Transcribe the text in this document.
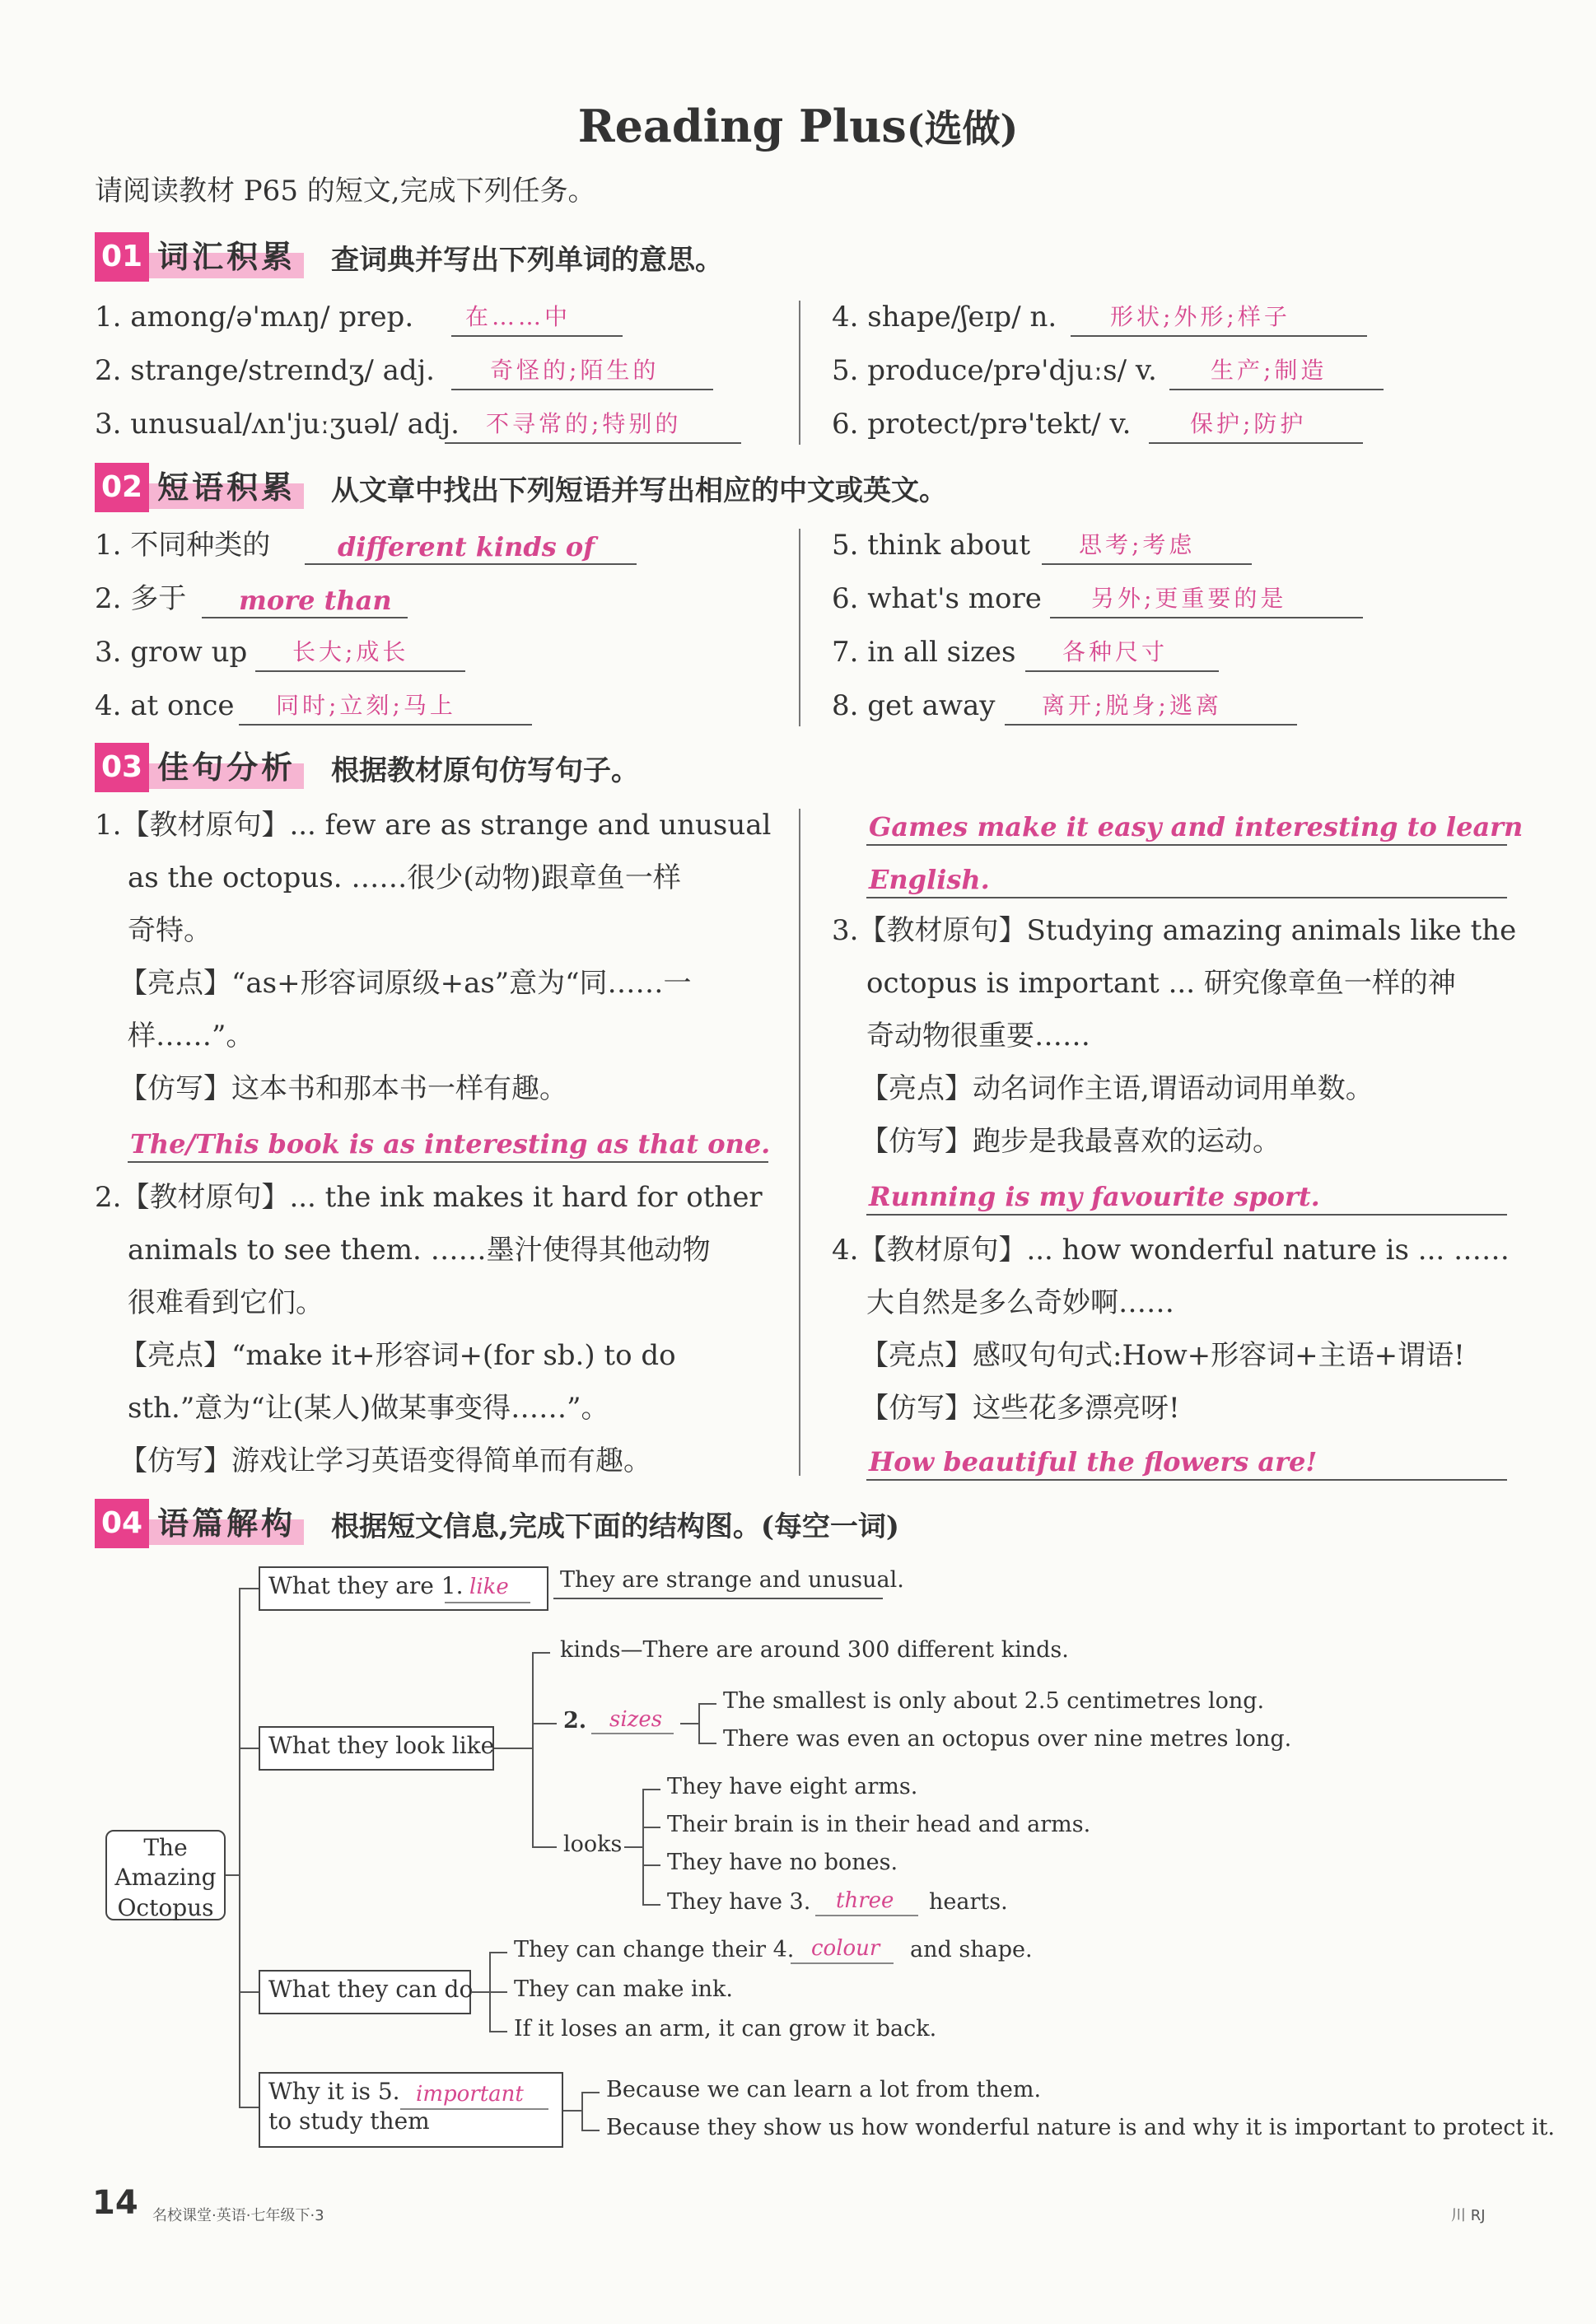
Reading Plus(选做)
请阅读教材 P65 的短文,完成下列任务。
01 词汇积累 查词典并写出下列单词的意思。
1. among/ə'mʌŋ/ prep. 在……中
2. strange/streɪndʒ/ adj. 奇怪的;陌生的
3. unusual/ʌn'juːʒuəl/ adj. 不寻常的;特别的
4. shape/ʃeɪp/ n. 形状;外形;样子
5. produce/prə'djuːs/ v. 生产;制造
6. protect/prə'tekt/ v.	保护;防护
02 短语积累 从文章中找出下列短语并写出相应的中文或英文。
1. 不同种类的	different kinds of
2. 多于 more than
3. grow up 长大;成长
4. at once 同时;立刻;马上
5. think about 思考;考虑
6. what's more 另外;更重要的是
7. in all sizes 各种尺寸
8. get away 离开;脱身;逃离
03 佳句分析 根据教材原句仿写句子。
1.【教材原句】... few are as strange and unusual
as the octopus. ……很少(动物)跟章鱼一样
奇特。
【亮点】“as+形容词原级+as”意为“同……一
样……”。
【仿写】这本书和那本书一样有趣。
The/This book is as interesting as that one.
2.【教材原句】... the ink makes it hard for other
animals to see them. ……墨汁使得其他动物
很难看到它们。
【亮点】“make it+形容词+(for sb.) to do
sth.”意为“让(某人)做某事变得……”。
【仿写】游戏让学习英语变得简单而有趣。
Games make it easy and interesting to learn
English.
3.【教材原句】Studying amazing animals like the
octopus is important ... 研究像章鱼一样的神
奇动物很重要……
【亮点】动名词作主语,谓语动词用单数。
【仿写】跑步是我最喜欢的运动。
Running is my favourite sport.
4.【教材原句】... how wonderful nature is ... ……
大自然是多么奇妙啊……
【亮点】感叹句句式:How+形容词+主语+谓语!
【仿写】这些花多漂亮呀!
How beautiful the flowers are!
04 语篇解构 根据短文信息,完成下面的结构图。(每空一词)
The
Amazing
Octopus
What they are 1. like They are strange and unusual.
What they look like
kinds—There are around 300 different kinds.
2. sizes
The smallest is only about 2.5 centimetres long.
There was even an octopus over nine metres long.
looks
They have eight arms.
Their brain is in their head and arms.
They have no bones.
They have 3. three hearts.
What they can do
They can change their 4. colour and shape.
They can make ink.
If it loses an arm, it can grow it back.
Why it is 5.
to study them
important	Because we can learn a lot from them.
Because they show us how wonderful nature is and why it is important to protect it.
14 名校课堂·英语·七年级下·3	川 RJ
